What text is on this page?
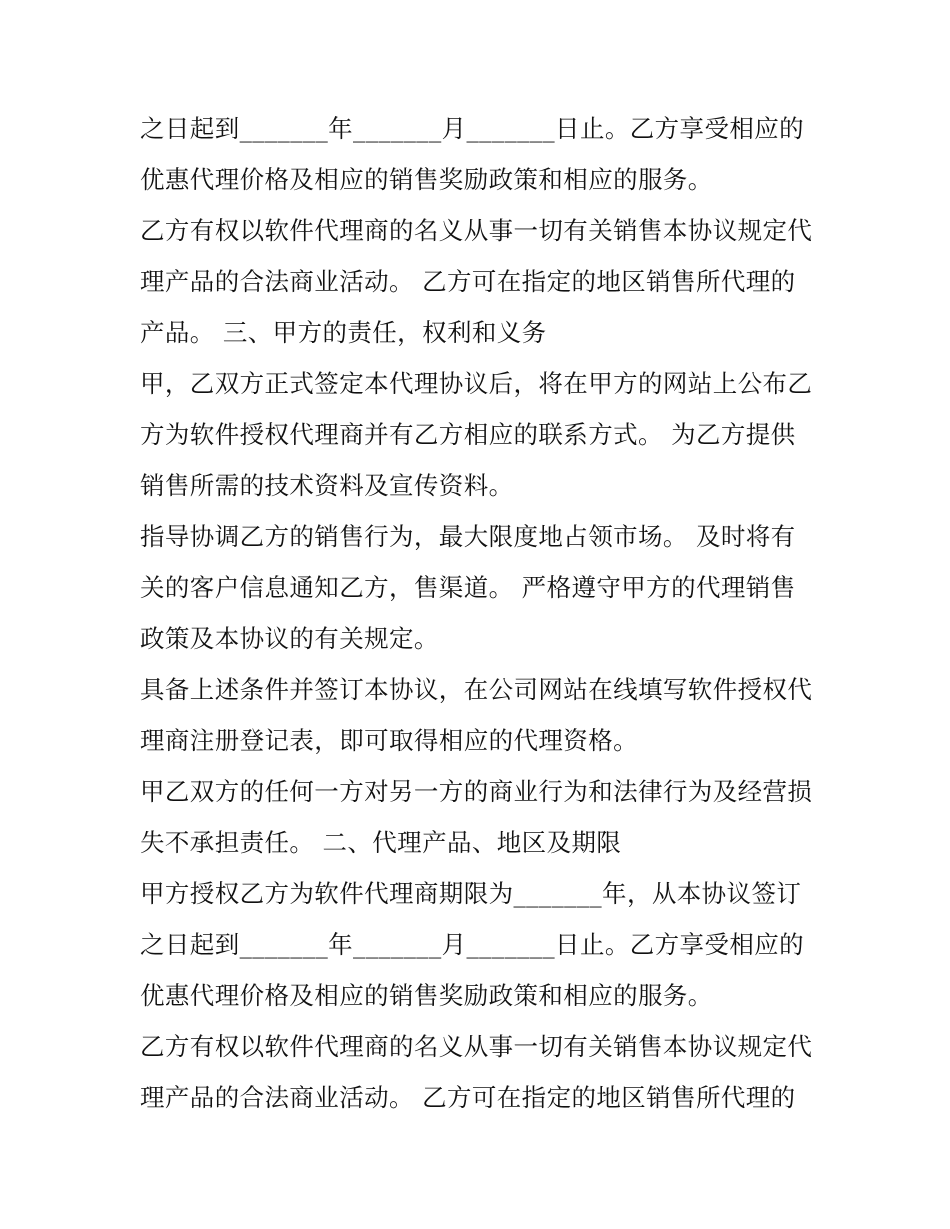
之日起到_______年_______月_______日止。乙方享受相应的
优惠代理价格及相应的销售奖励政策和相应的服务。
乙方有权以软件代理商的名义从事一切有关销售本协议规定代
理产品的合法商业活动。 乙方可在指定的地区销售所代理的
产品。 三、甲方的责任，权利和义务
甲，乙双方正式签定本代理协议后，将在甲方的网站上公布乙
方为软件授权代理商并有乙方相应的联系方式。 为乙方提供
销售所需的技术资料及宣传资料。
指导协调乙方的销售行为，最大限度地占领市场。 及时将有
关的客户信息通知乙方，售渠道。 严格遵守甲方的代理销售
政策及本协议的有关规定。
具备上述条件并签订本协议，在公司网站在线填写软件授权代
理商注册登记表，即可取得相应的代理资格。
甲乙双方的任何一方对另一方的商业行为和法律行为及经营损
失不承担责任。 二、代理产品、地区及期限
甲方授权乙方为软件代理商期限为_______年，从本协议签订
之日起到_______年_______月_______日止。乙方享受相应的
优惠代理价格及相应的销售奖励政策和相应的服务。
乙方有权以软件代理商的名义从事一切有关销售本协议规定代
理产品的合法商业活动。 乙方可在指定的地区销售所代理的
